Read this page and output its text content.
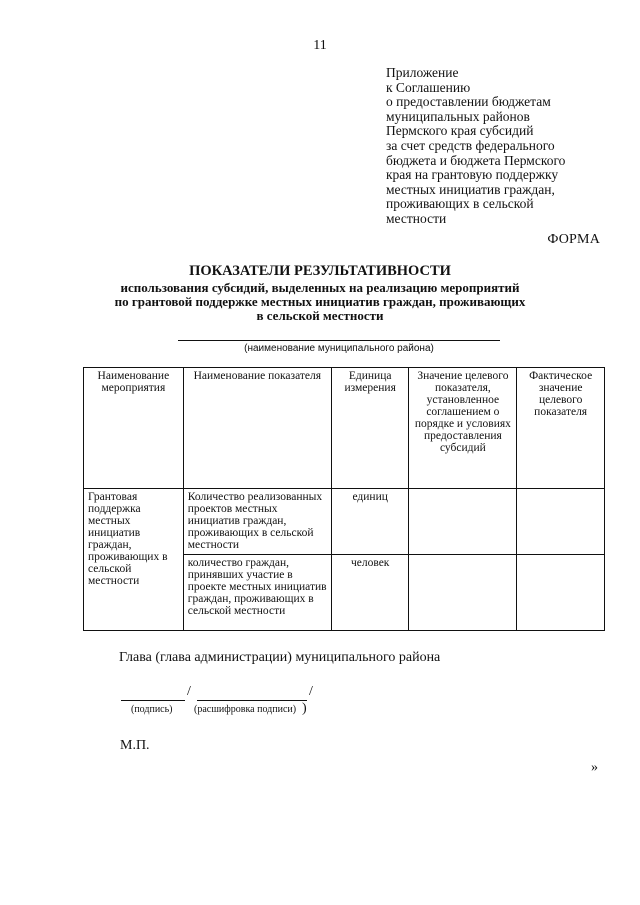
11
Приложение
к Соглашению
о предоставлении бюджетам
муниципальных районов
Пермского края субсидий
за счет средств федерального
бюджета и бюджета Пермского
края на грантовую поддержку
местных инициатив граждан,
проживающих в сельской
местности
ФОРМА
ПОКАЗАТЕЛИ РЕЗУЛЬТАТИВНОСТИ
использования субсидий, выделенных на реализацию мероприятий
по грантовой поддержке местных инициатив граждан, проживающих
в сельской местности
(наименование муниципального района)
Наименование мероприятия	Наименование показателя	Единица измерения	Значение целевого показателя, установленное соглашением о порядке и условиях предоставления субсидий	Фактическое значение целевого показателя
Грантовая поддержка местных инициатив граждан, проживающих в сельской местности	Количество реализованных проектов местных инициатив граждан, проживающих в сельской местности	единиц		
	количество граждан, принявших участие в проекте местных инициатив граждан, проживающих в сельской местности	человек		
Глава (глава администрации) муниципального района
/	/
(подпись) (расшифровка подписи) )
М.П.
»
